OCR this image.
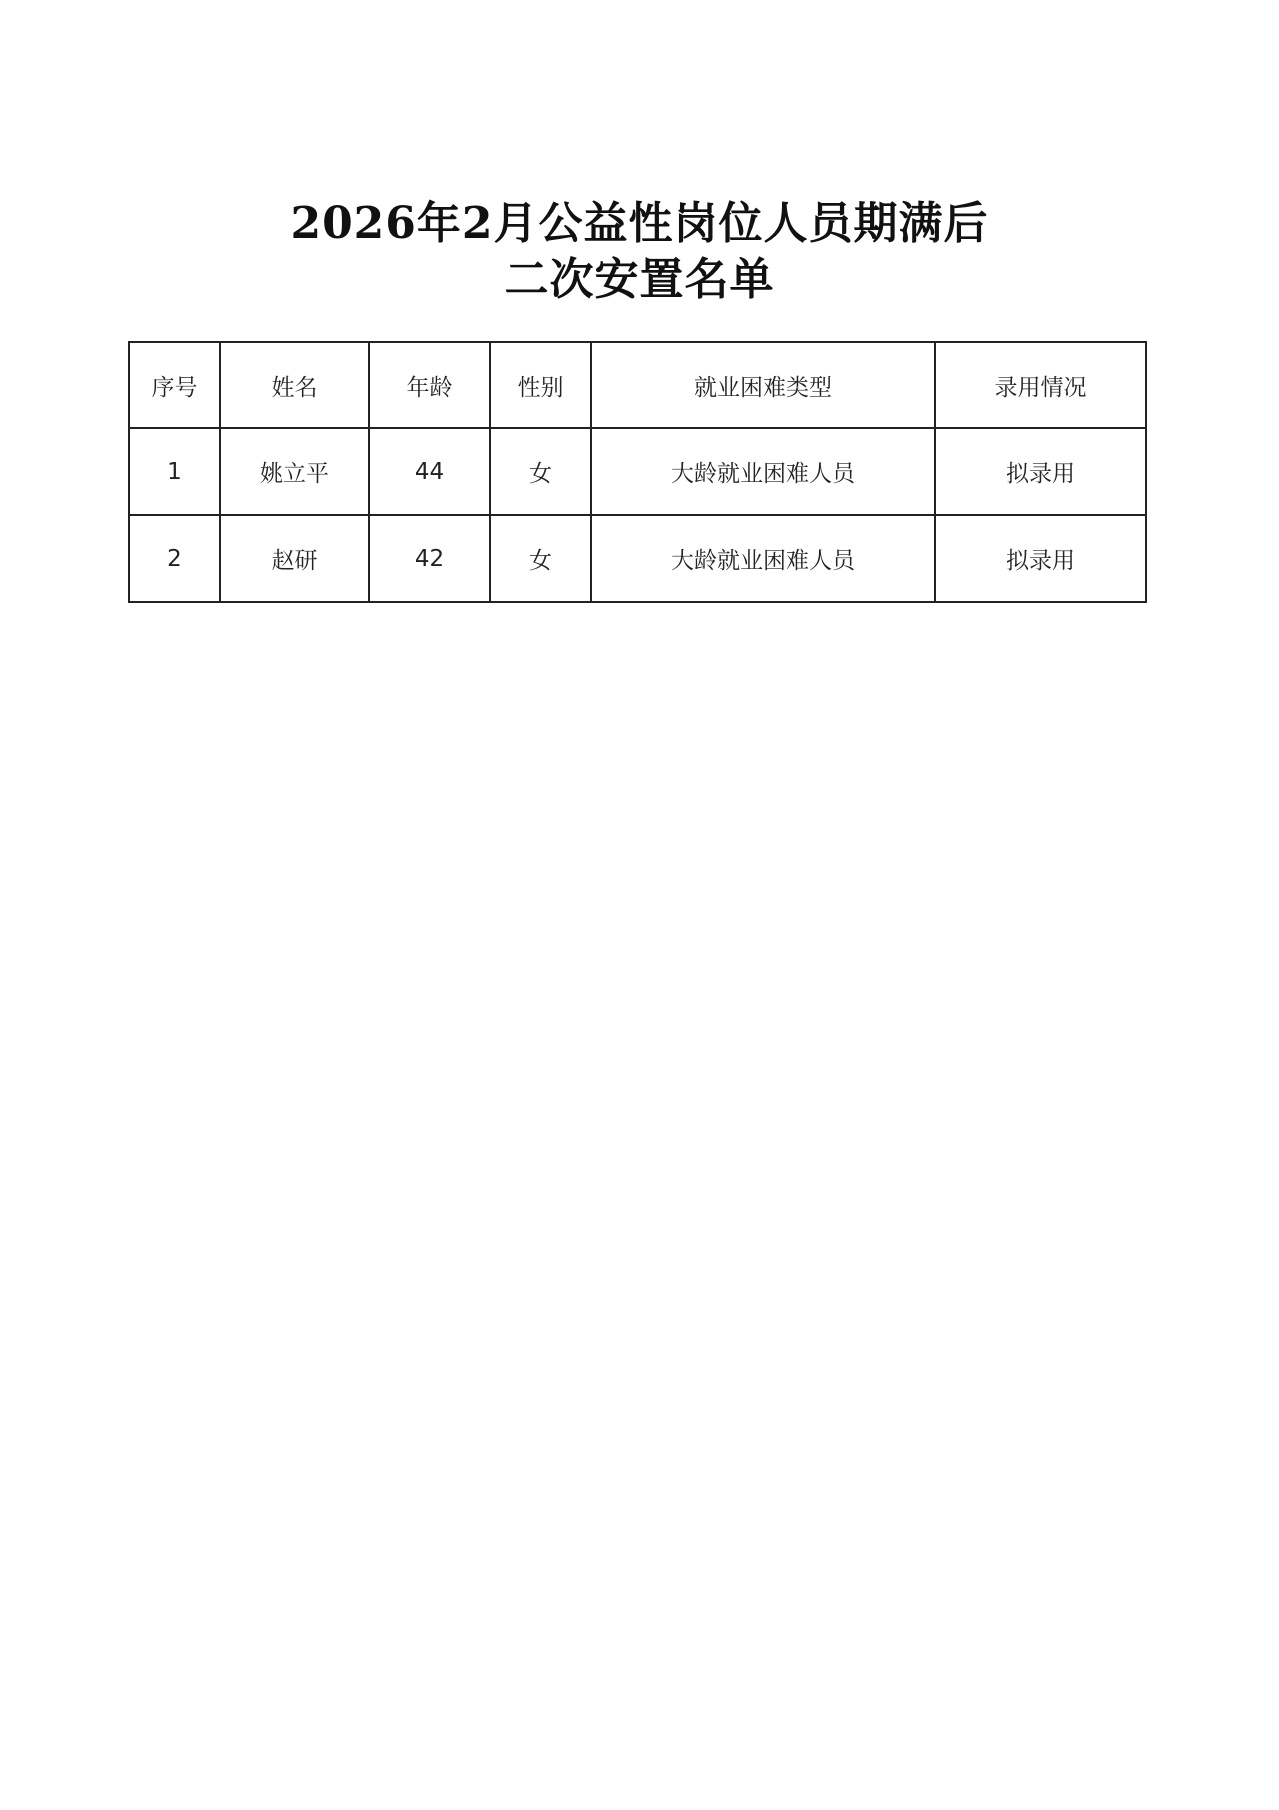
2026年2月公益性岗位人员期满后
二次安置名单
序号	姓名	年龄	性别	就业困难类型	录用情况
1	姚立平	44	女	大龄就业困难人员	拟录用
2	赵研	42	女	大龄就业困难人员	拟录用
